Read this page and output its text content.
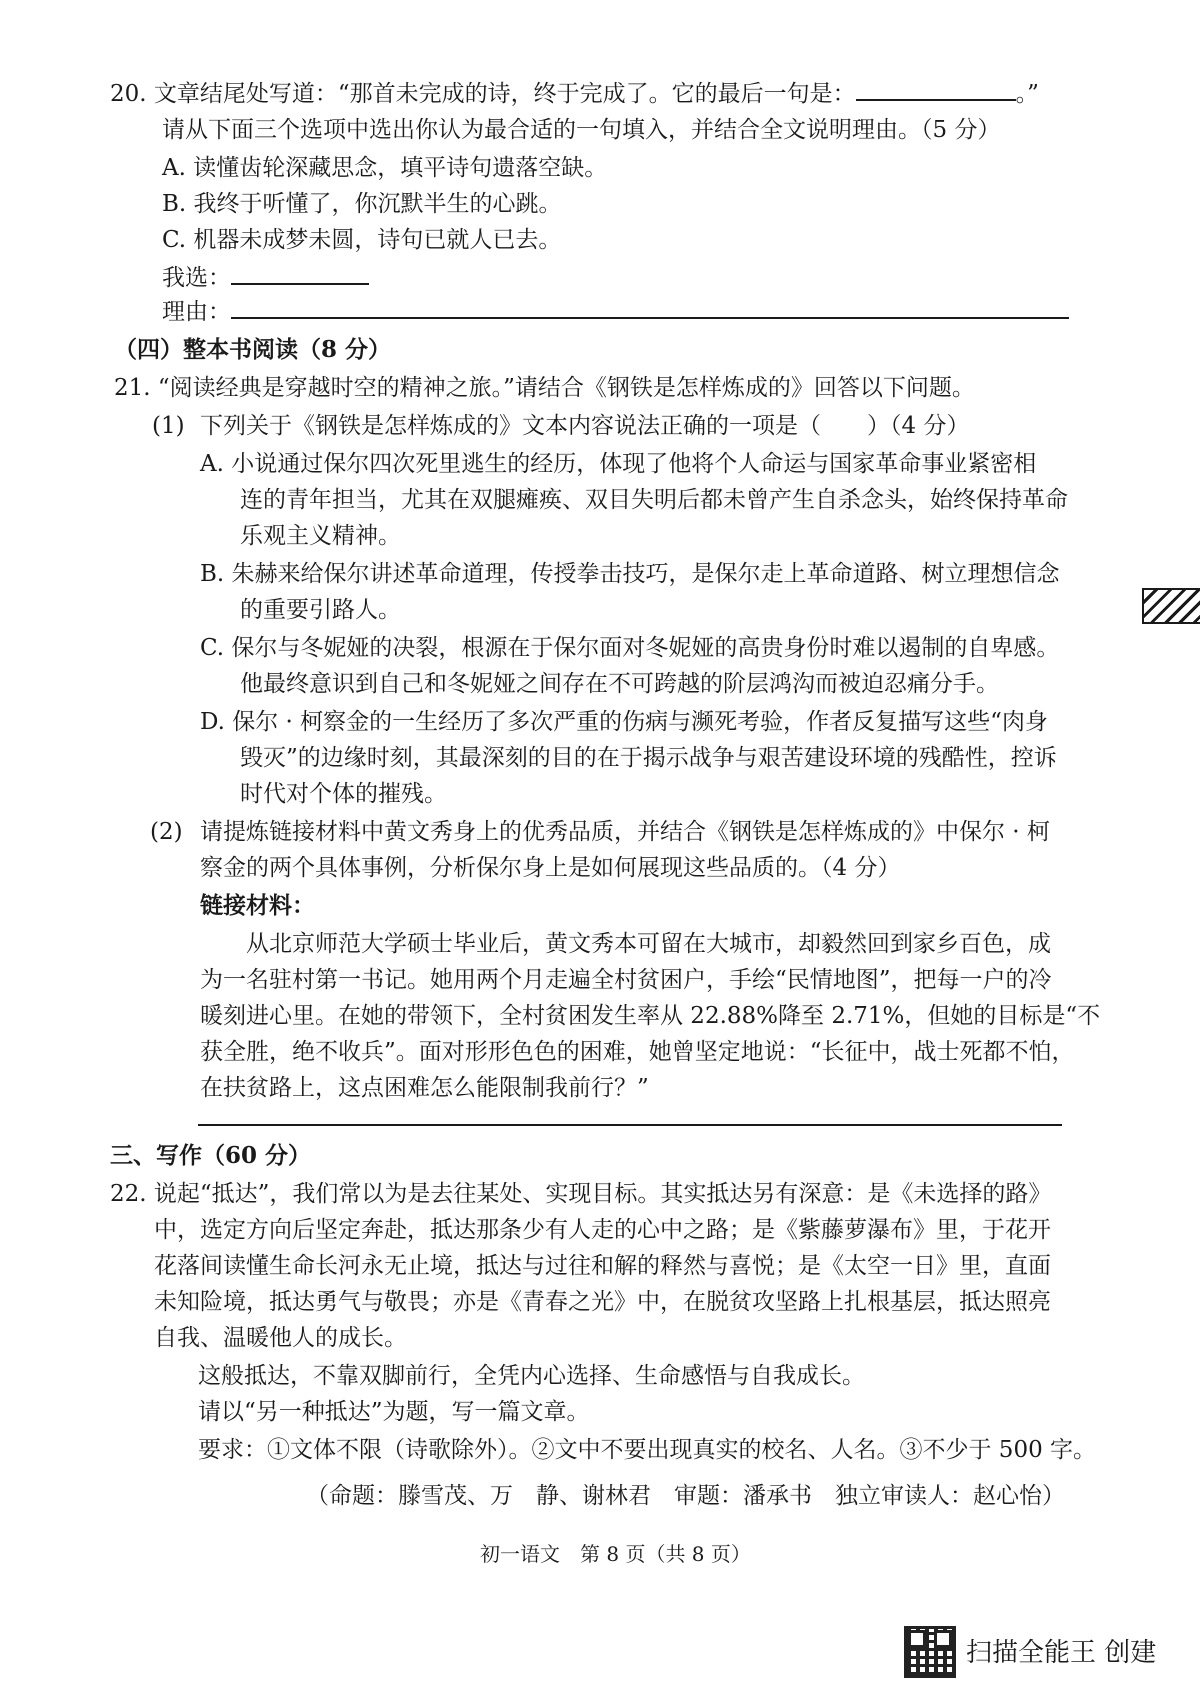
20. 文章结尾处写道：“那首未完成的诗，终于完成了。它的最后一句是：	。”
请从下面三个选项中选出你认为最合适的一句填入，并结合全文说明理由。（5 分）
A. 读懂齿轮深藏思念，填平诗句遗落空缺。
B. 我终于听懂了，你沉默半生的心跳。
C. 机器未成梦未圆，诗句已就人已去。
我选：
理由：
（四）整本书阅读（8 分）
21. “阅读经典是穿越时空的精神之旅。”请结合《钢铁是怎样炼成的》回答以下问题。
(1) 下列关于《钢铁是怎样炼成的》文本内容说法正确的一项是（　　）（4 分）
A. 小说通过保尔四次死里逃生的经历，体现了他将个人命运与国家革命事业紧密相
连的青年担当，尤其在双腿瘫痪、双目失明后都未曾产生自杀念头，始终保持革命
乐观主义精神。
B. 朱赫来给保尔讲述革命道理，传授拳击技巧，是保尔走上革命道路、树立理想信念
的重要引路人。
C. 保尔与冬妮娅的决裂，根源在于保尔面对冬妮娅的高贵身份时难以遏制的自卑感。
他最终意识到自己和冬妮娅之间存在不可跨越的阶层鸿沟而被迫忍痛分手。
D. 保尔 · 柯察金的一生经历了多次严重的伤病与濒死考验，作者反复描写这些“肉身
毁灭”的边缘时刻，其最深刻的目的在于揭示战争与艰苦建设环境的残酷性，控诉
时代对个体的摧残。
(2) 请提炼链接材料中黄文秀身上的优秀品质，并结合《钢铁是怎样炼成的》中保尔 · 柯
察金的两个具体事例，分析保尔身上是如何展现这些品质的。（4 分）
链接材料：
从北京师范大学硕士毕业后，黄文秀本可留在大城市，却毅然回到家乡百色，成
为一名驻村第一书记。她用两个月走遍全村贫困户，手绘“民情地图”，把每一户的冷
暖刻进心里。在她的带领下，全村贫困发生率从 22.88%降至 2.71%，但她的目标是“不
获全胜，绝不收兵”。面对形形色色的困难，她曾坚定地说：“长征中，战士死都不怕，
在扶贫路上，这点困难怎么能限制我前行？”
三、写作（60 分）
22. 说起“抵达”，我们常以为是去往某处、实现目标。其实抵达另有深意：是《未选择的路》
中，选定方向后坚定奔赴，抵达那条少有人走的心中之路；是《紫藤萝瀑布》里，于花开
花落间读懂生命长河永无止境，抵达与过往和解的释然与喜悦；是《太空一日》里，直面
未知险境，抵达勇气与敬畏；亦是《青春之光》中，在脱贫攻坚路上扎根基层，抵达照亮
自我、温暖他人的成长。
这般抵达，不靠双脚前行，全凭内心选择、生命感悟与自我成长。
请以“另一种抵达”为题，写一篇文章。
要求：①文体不限（诗歌除外）。②文中不要出现真实的校名、人名。③不少于 500 字。
（命题：滕雪茂、万　静、谢林君　审题：潘承书　独立审读人：赵心怡）
初一语文　第 8 页（共 8 页）
扫描全能王 创建
